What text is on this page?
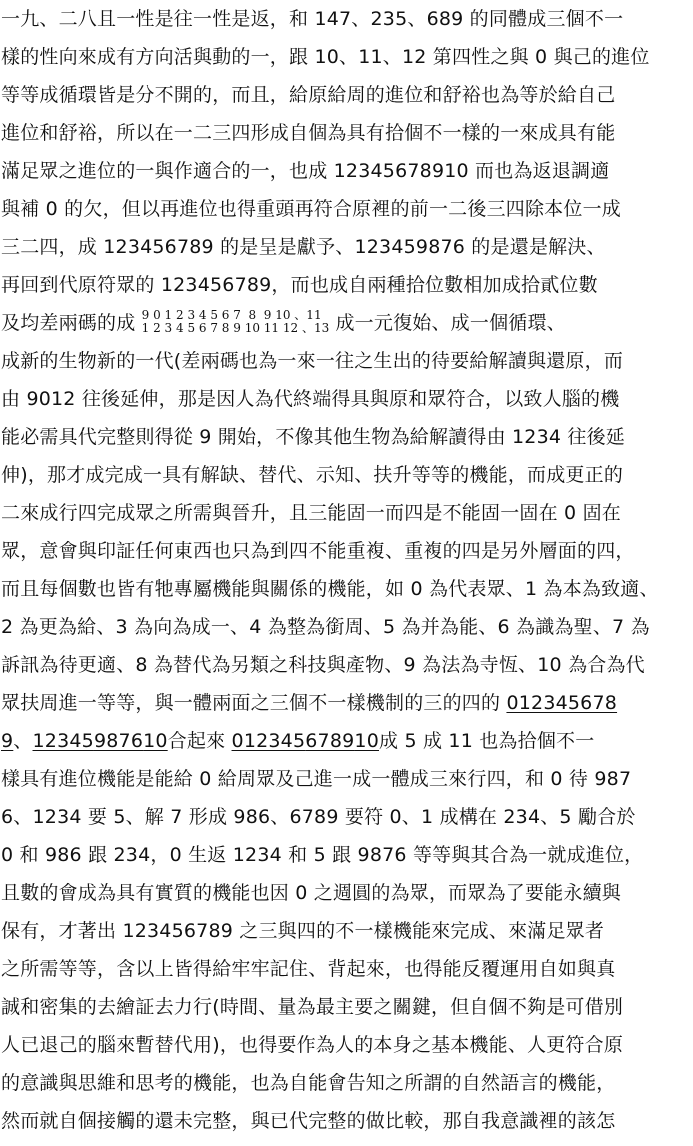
一九、二八且一性是往一性是返，和 147、235、689 的同體成三個不一
樣的性向來成有方向活與動的一，跟 10、11、12 第四性之與 0 與己的進位
等等成循環皆是分不開的，而且，給原給周的進位和舒裕也為等於給自己
進位和舒裕，所以在一二三四形成自個為具有拾個不一樣的一來成具有能
滿足眾之進位的一與作適合的一，也成 12345678910 而也為返退調適
與補 0 的欠，但以再進位也得重頭再符合原裡的前一二後三四除本位一成
三二四，成 123456789 的是呈是獻予、123459876 的是還是解決、
再回到代原符眾的 123456789，而也成自兩種拾位數相加成拾貳位數
及均差兩碼的成 9 0 1 2 3 4 5 6 7  8  9 10 、11
1 2 3 4 5 6 7 8 9 10 11 12 、13 成一元復始、成一個循環、
成新的生物新的一代(差兩碼也為一來一往之生出的待要給解讀與還原，而
由 9012 往後延伸，那是因人為代終端得具與原和眾符合，以致人腦的機
能必需具代完整則得從 9 開始，不像其他生物為給解讀得由 1234 往後延
伸)，那才成完成一具有解缺、替代、示知、扶升等等的機能，而成更正的
二來成行四完成眾之所需與晉升，且三能固一而四是不能固一固在 0 固在
眾，意會與印証任何東西也只為到四不能重複、重複的四是另外層面的四，
而且每個數也皆有牠專屬機能與關係的機能，如 0 為代表眾、1 為本為致適、
2 為更為給、3 為向為成一、4 為整為銜周、5 為并為能、6 為識為聖、7 為
訴訊為待更適、8 為替代為另類之科技與產物、9 為法為寺恆、10 為合為代
眾扶周進一等等，與一體兩面之三個不一樣機制的三的四的 012345678
9、12345987610合起來 012345678910成 5 成 11 也為拾個不一
樣具有進位機能是能給 0 給周眾及己進一成一體成三來行四，和 0 待 987
6、1234 要 5、解 7 形成 986、6789 要符 0、1 成構在 234、5 勵合於
0 和 986 跟 234，0 生返 1234 和 5 跟 9876 等等與其合為一就成進位，
且數的會成為具有實質的機能也因 0 之週圓的為眾，而眾為了要能永續與
保有，才著出 123456789 之三與四的不一樣機能來完成、來滿足眾者
之所需等等，含以上皆得給牢牢記住、背起來，也得能反覆運用自如與真
誠和密集的去繪証去力行(時間、量為最主要之關鍵，但自個不夠是可借別
人已退己的腦來暫替代用)，也得要作為人的本身之基本機能、人更符合原
的意識與思維和思考的機能，也為自能會告知之所謂的自然語言的機能，
然而就自個接觸的還未完整，與已代完整的做比較，那自我意識裡的該怎
